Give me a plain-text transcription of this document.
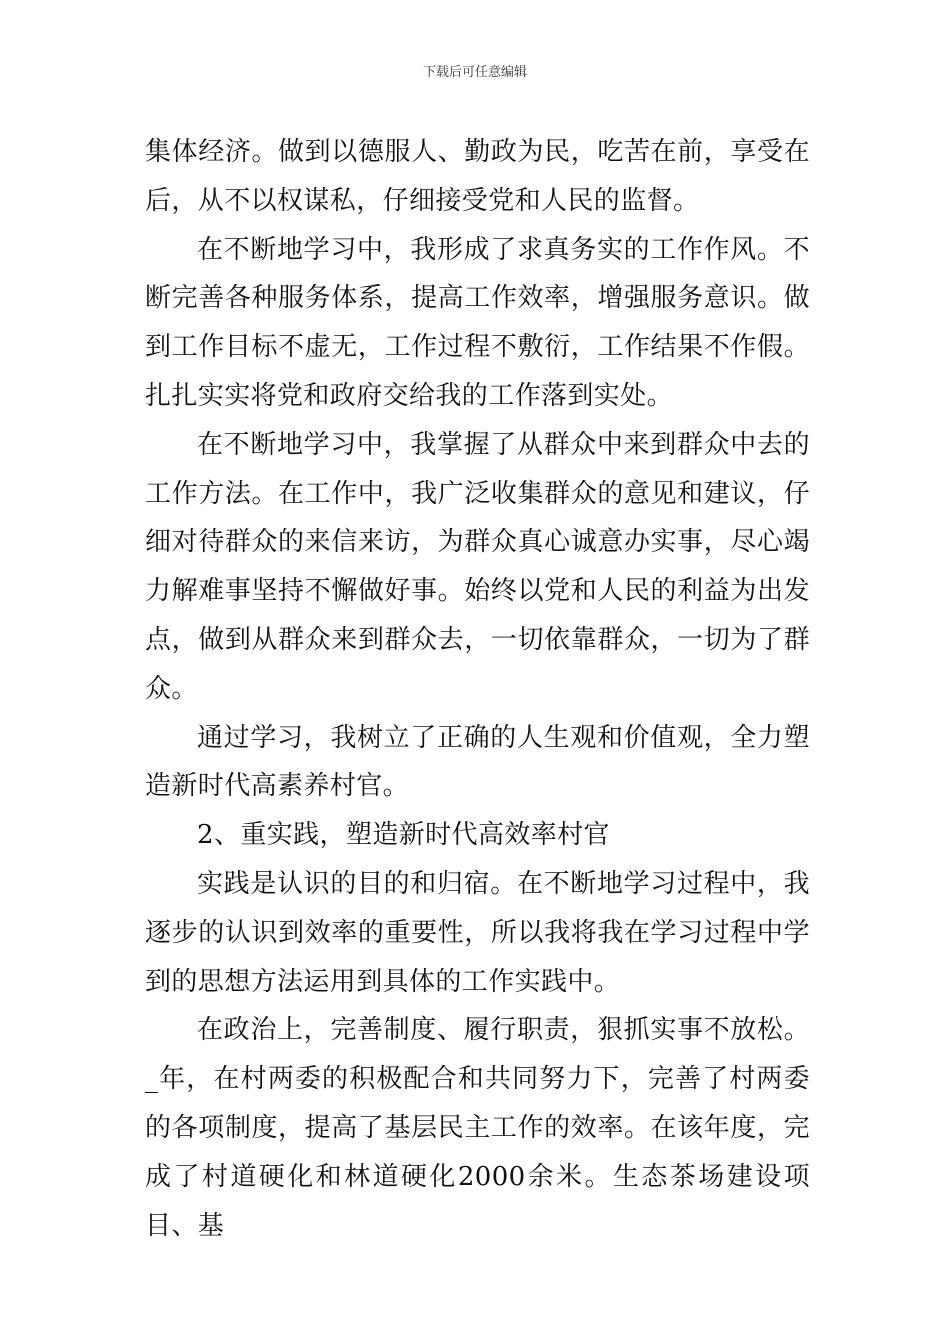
下载后可任意编辑

集体经济。做到以德服人、勤政为民，吃苦在前，享受在后，从不以权谋私，仔细接受党和人民的监督。

在不断地学习中，我形成了求真务实的工作作风。不断完善各种服务体系，提高工作效率，增强服务意识。做到工作目标不虚无，工作过程不敷衍，工作结果不作假。扎扎实实将党和政府交给我的工作落到实处。

在不断地学习中，我掌握了从群众中来到群众中去的工作方法。在工作中，我广泛收集群众的意见和建议，仔细对待群众的来信来访，为群众真心诚意办实事，尽心竭力解难事坚持不懈做好事。始终以党和人民的利益为出发点，做到从群众来到群众去，一切依靠群众，一切为了群众。

通过学习，我树立了正确的人生观和价值观，全力塑造新时代高素养村官。

2、重实践，塑造新时代高效率村官

实践是认识的目的和归宿。在不断地学习过程中，我逐步的认识到效率的重要性，所以我将我在学习过程中学到的思想方法运用到具体的工作实践中。

在政治上，完善制度、履行职责，狠抓实事不放松。_年，在村两委的积极配合和共同努力下，完善了村两委的各项制度，提高了基层民主工作的效率。在该年度，完成了村道硬化和林道硬化2000余米。生态茶场建设项目、基
